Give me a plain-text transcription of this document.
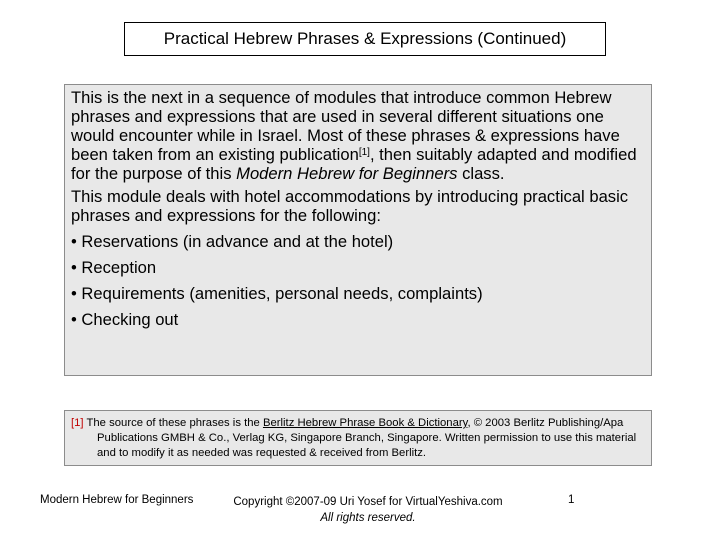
Practical Hebrew Phrases & Expressions (Continued)

This is the next in a sequence of modules that introduce common Hebrew phrases and expressions that are used in several different situations one would encounter while in Israel. Most of these phrases & expressions have been taken from an existing publication[1], then suitably adapted and modified for the purpose of this Modern Hebrew for Beginners class.

This module deals with hotel accommodations by introducing practical basic phrases and expressions for the following:

• Reservations (in advance and at the hotel)

• Reception

• Requirements (amenities, personal needs, complaints)

• Checking out

[1] The source of these phrases is the Berlitz Hebrew Phrase Book & Dictionary, © 2003 Berlitz Publishing/Apa Publications GMBH & Co., Verlag KG, Singapore Branch, Singapore. Written permission to use this material and to modify it as needed was requested & received from Berlitz.

Modern Hebrew for Beginners	Copyright ©2007-09 Uri Yosef for VirtualYeshiva.com
All rights reserved.
1
